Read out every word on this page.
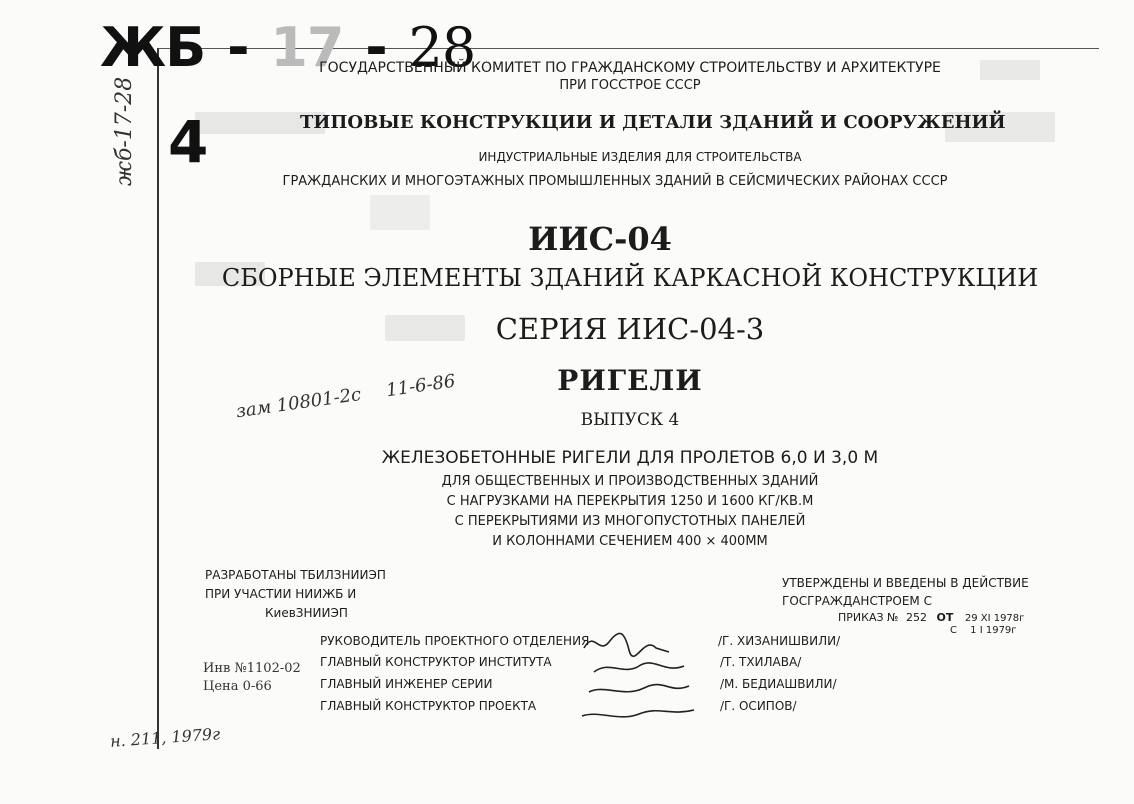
ЖБ - 17 - 28
4
жб-17-28
ГОСУДАРСТВЕННЫЙ КОМИТЕТ ПО ГРАЖДАНСКОМУ СТРОИТЕЛЬСТВУ И АРХИТЕКТУРЕ
ПРИ ГОССТРОЕ СССР
ТИПОВЫЕ КОНСТРУКЦИИ И ДЕТАЛИ ЗДАНИЙ И СООРУЖЕНИЙ
ИНДУСТРИАЛЬНЫЕ ИЗДЕЛИЯ ДЛЯ СТРОИТЕЛЬСТВА
ГРАЖДАНСКИХ И МНОГОЭТАЖНЫХ ПРОМЫШЛЕННЫХ ЗДАНИЙ В СЕЙСМИЧЕСКИХ РАЙОНАХ СССР
ИИС-04
СБОРНЫЕ ЭЛЕМЕНТЫ ЗДАНИЙ КАРКАСНОЙ КОНСТРУКЦИИ
СЕРИЯ ИИС-04-3
зам 10801-2с 11-6-86	РИГЕЛИ
ВЫПУСК 4
ЖЕЛЕЗОБЕТОННЫЕ РИГЕЛИ ДЛЯ ПРОЛЕТОВ 6,0 И 3,0 М
ДЛЯ ОБЩЕСТВЕННЫХ И ПРОИЗВОДСТВЕННЫХ ЗДАНИЙ
С НАГРУЗКАМИ НА ПЕРЕКРЫТИЯ 1250 И 1600 КГ/КВ.М
С ПЕРЕКРЫТИЯМИ ИЗ МНОГОПУСТОТНЫХ ПАНЕЛЕЙ
И КОЛОННАМИ СЕЧЕНИЕМ 400 × 400ММ
РАЗРАБОТАНЫ ТБИЛЗНИИЭП
ПРИ УЧАСТИИ НИИЖБ И
КиевЗНИИЭП
УТВЕРЖДЕНЫ И ВВЕДЕНЫ В ДЕЙСТВИЕ
ГОСГРАЖДАНСТРОЕМ С
ПРИКАЗ № 252 ОТ 29 XI 1978г
С 1 I 1979г
Инв №1102-02
Цена 0-66
РУКОВОДИТЕЛЬ ПРОЕКТНОГО ОТДЕЛЕНИЯ
ГЛАВНЫЙ КОНСТРУКТОР ИНСТИТУТА
ГЛАВНЫЙ ИНЖЕНЕР СЕРИИ
ГЛАВНЫЙ КОНСТРУКТОР ПРОЕКТА
/Г. ХИЗАНИШВИЛИ/
/Т. ТХИЛАВА/
/М. БЕДИАШВИЛИ/
/Г. ОСИПОВ/
н. 211, 1979г
